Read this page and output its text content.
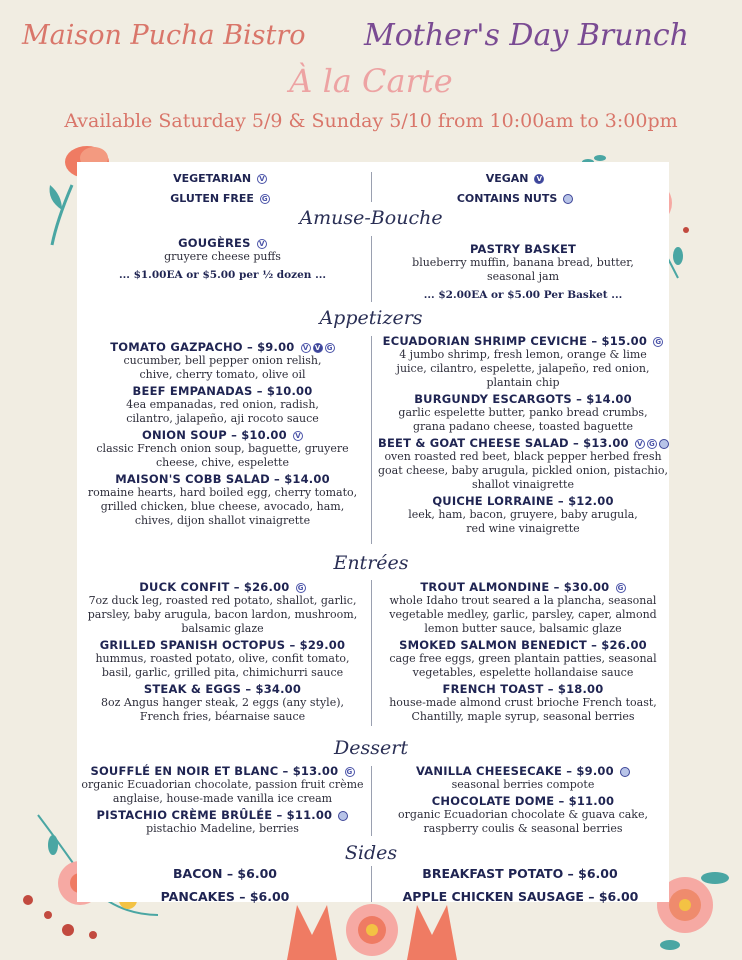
Maison Pucha Bistro Mother's Day Brunch
À la Carte
Available Saturday 5/9 & Sunday 5/10 from 10:00am to 3:00pm
VEGETARIAN V
GLUTEN FREE G
VEGAN V
CONTAINS NUTS
Amuse-Bouche
Appetizers
Entrées
Dessert
Sides
GOUGÈRES V
gruyere cheese puffs
... $1.00EA or $5.00 per ½ dozen ...
PASTRY BASKET
blueberry muffin, banana bread, butter, seasonal jam
... $2.00EA or $5.00 Per Basket ...
TOMATO GAZPACHO – $9.00 V V G
cucumber, bell pepper onion relish, chive, cherry tomato, olive oil
BEEF EMPANADAS – $10.00
4ea empanadas, red onion, radish, cilantro, jalapeño, aji rocoto sauce
ONION SOUP – $10.00 V
classic French onion soup, baguette, gruyere cheese, chive, espelette
MAISON'S COBB SALAD – $14.00
romaine hearts, hard boiled egg, cherry tomato, grilled chicken, blue cheese, avocado, ham, chives, dijon shallot vinaigrette
ECUADORIAN SHRIMP CEVICHE – $15.00 G
4 jumbo shrimp, fresh lemon, orange & lime juice, cilantro, espelette, jalapeño, red onion, plantain chip
BURGUNDY ESCARGOTS – $14.00
garlic espelette butter, panko bread crumbs, grana padano cheese, toasted baguette
BEET & GOAT CHEESE SALAD – $13.00 V G
oven roasted red beet, black pepper herbed fresh goat cheese, baby arugula, pickled onion, pistachio, shallot vinaigrette
QUICHE LORRAINE – $12.00
leek, ham, bacon, gruyere, baby arugula, red wine vinaigrette
DUCK CONFIT – $26.00 G
7oz duck leg, roasted red potato, shallot, garlic, parsley, baby arugula, bacon lardon, mushroom, balsamic glaze
GRILLED SPANISH OCTOPUS – $29.00
hummus, roasted potato, olive, confit tomato, basil, garlic, grilled pita, chimichurri sauce
STEAK & EGGS – $34.00
8oz Angus hanger steak, 2 eggs (any style), French fries, béarnaise sauce
TROUT ALMONDINE – $30.00 G
whole Idaho trout seared a la plancha, seasonal vegetable medley, garlic, parsley, caper, almond lemon butter sauce, balsamic glaze
SMOKED SALMON BENEDICT – $26.00
cage free eggs, green plantain patties, seasonal vegetables, espelette hollandaise sauce
FRENCH TOAST – $18.00
house-made almond crust brioche French toast, Chantilly, maple syrup, seasonal berries
SOUFFLÉ EN NOIR ET BLANC – $13.00 G
organic Ecuadorian chocolate, passion fruit crème anglaise, house-made vanilla ice cream
PISTACHIO CRÈME BRÛLÉE – $11.00
pistachio Madeline, berries
VANILLA CHEESECAKE – $9.00
seasonal berries compote
CHOCOLATE DOME – $11.00
organic Ecuadorian chocolate & guava cake, raspberry coulis & seasonal berries
BACON – $6.00
PANCAKES – $6.00
BREAKFAST POTATO – $6.00
APPLE CHICKEN SAUSAGE – $6.00
